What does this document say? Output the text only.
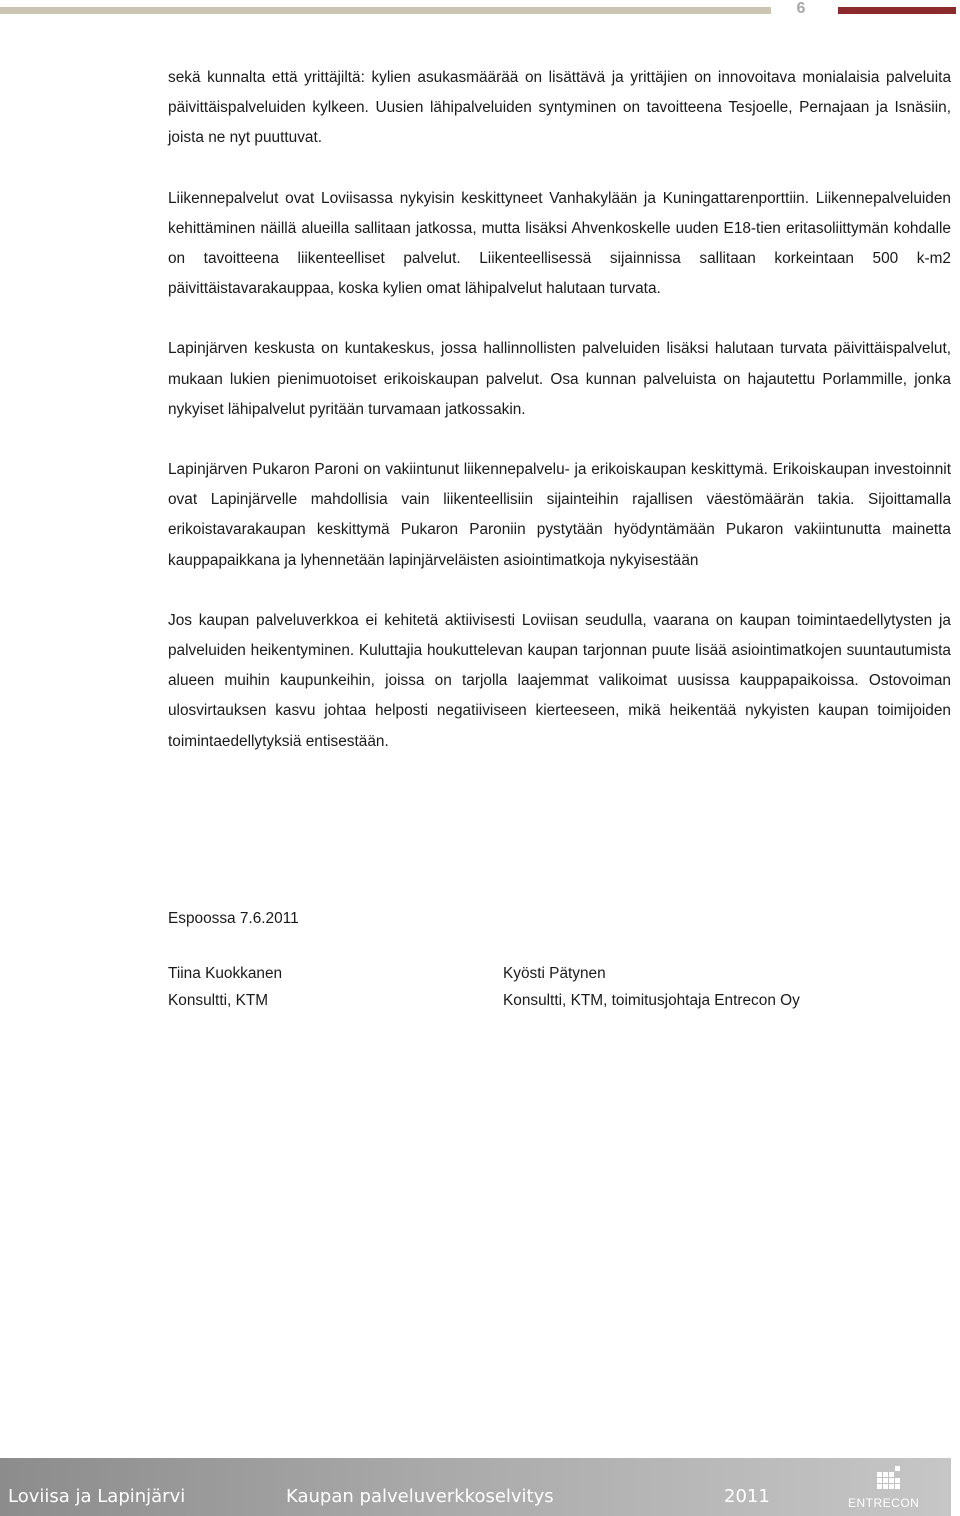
6

sekä kunnalta että yrittäjiltä: kylien asukasmäärää on lisättävä ja yrittäjien on innovoitava monialaisia palveluita päivittäispalveluiden kylkeen. Uusien lähipalveluiden syntyminen on tavoitteena Tesjoelle, Pernajaan ja Isnäsiin, joista ne nyt puuttuvat.

Liikennepalvelut ovat Loviisassa nykyisin keskittyneet Vanhakylään ja Kuningattarenporttiin. Liikennepalveluiden kehittäminen näillä alueilla sallitaan jatkossa, mutta lisäksi Ahvenkoskelle uuden E18-tien eritasoliittymän kohdalle on tavoitteena liikenteelliset palvelut. Liikenteellisessä sijainnissa sallitaan korkeintaan 500 k-m2 päivittäistavarakauppaa, koska kylien omat lähipalvelut halutaan turvata.

Lapinjärven keskusta on kuntakeskus, jossa hallinnollisten palveluiden lisäksi halutaan turvata päivittäispalvelut, mukaan lukien pienimuotoiset erikoiskaupan palvelut. Osa kunnan palveluista on hajautettu Porlammille, jonka nykyiset lähipalvelut pyritään turvamaan jatkossakin.

Lapinjärven Pukaron Paroni on vakiintunut liikennepalvelu- ja erikoiskaupan keskittymä. Erikoiskaupan investoinnit ovat Lapinjärvelle mahdollisia vain liikenteellisiin sijainteihin rajallisen väestömäärän takia. Sijoittamalla erikoistavarakaupan keskittymä Pukaron Paroniin pystytään hyödyntämään Pukaron vakiintunutta mainetta kauppapaikkana ja lyhennetään lapinjärveläisten asiointimatkoja nykyisestään

Jos kaupan palveluverkkoa ei kehitetä aktiivisesti Loviisan seudulla, vaarana on kaupan toimintaedellytysten ja palveluiden heikentyminen. Kuluttajia houkuttelevan kaupan tarjonnan puute lisää asiointimatkojen suuntautumista alueen muihin kaupunkeihin, joissa on tarjolla laajemmat valikoimat uusissa kauppapaikoissa. Ostovoiman ulosvirtauksen kasvu johtaa helposti negatiiviseen kierteeseen, mikä heikentää nykyisten kaupan toimijoiden toimintaedellytyksiä entisestään.

Espoossa 7.6.2011

Tiina Kuokkanen
Konsultti, KTM
Kyösti Pätynen
Konsultti, KTM, toimitusjohtaja Entrecon Oy
Loviisa ja Lapinjärvi	Kaupan palveluverkkoselvitys	2011	ENTRECON
